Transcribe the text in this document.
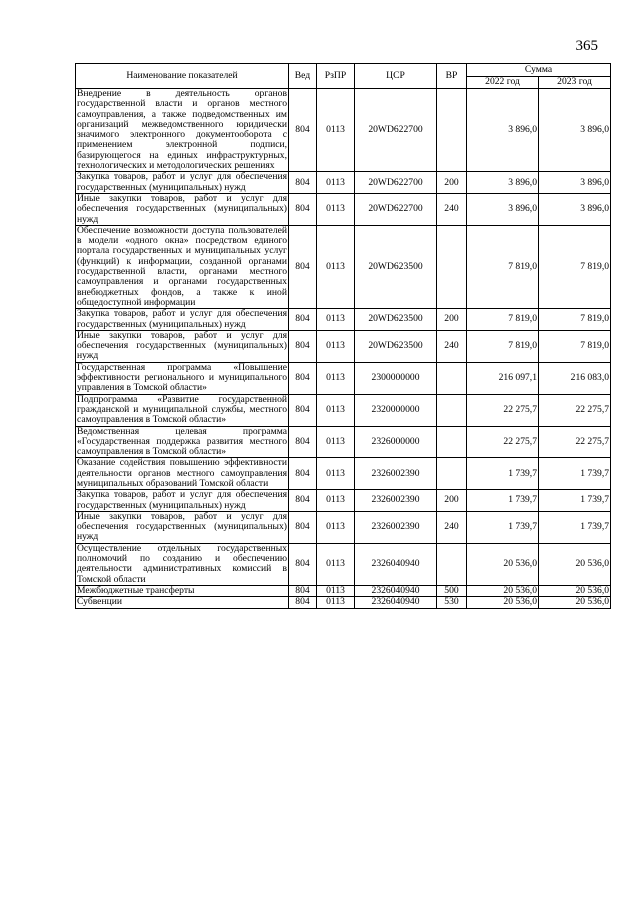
365
Наименование показателей	Вед	РзПР	ЦСР	ВР	Сумма	
					2022 год	2023 год
Внедрение в деятельность органов государственной власти и органов местного самоуправления, а также подведомственных им организаций межведомственного юридически значимого электронного документооборота с применением электронной подписи, базирующегося на единых инфраструктурных, технологических и методологических решениях	804	0113	20WD622700		3 896,0	3 896,0
Закупка товаров, работ и услуг для обеспечения государственных (муниципальных) нужд	804	0113	20WD622700	200	3 896,0	3 896,0
Иные закупки товаров, работ и услуг для обеспечения государственных (муниципальных) нужд	804	0113	20WD622700	240	3 896,0	3 896,0
Обеспечение возможности доступа пользователей в модели «одного окна» посредством единого портала государственных и муниципальных услуг (функций) к информации, созданной органами государственной власти, органами местного самоуправления и органами государственных внебюджетных фондов, а также к иной общедоступной информации	804	0113	20WD623500		7 819,0	7 819,0
Закупка товаров, работ и услуг для обеспечения государственных (муниципальных) нужд	804	0113	20WD623500	200	7 819,0	7 819,0
Иные закупки товаров, работ и услуг для обеспечения государственных (муниципальных) нужд	804	0113	20WD623500	240	7 819,0	7 819,0
Государственная программа «Повышение эффективности регионального и муниципального управления в Томской области»	804	0113	2300000000		216 097,1	216 083,0
Подпрограмма «Развитие государственной гражданской и муниципальной службы, местного самоуправления в Томской области»	804	0113	2320000000		22 275,7	22 275,7
Ведомственная целевая программа «Государственная поддержка развития местного самоуправления в Томской области»	804	0113	2326000000		22 275,7	22 275,7
Оказание содействия повышению эффективности деятельности органов местного самоуправления муниципальных образований Томской области	804	0113	2326002390		1 739,7	1 739,7
Закупка товаров, работ и услуг для обеспечения государственных (муниципальных) нужд	804	0113	2326002390	200	1 739,7	1 739,7
Иные закупки товаров, работ и услуг для обеспечения государственных (муниципальных) нужд	804	0113	2326002390	240	1 739,7	1 739,7
Осуществление отдельных государственных полномочий по созданию и обеспечению деятельности административных комиссий в Томской области	804	0113	2326040940		20 536,0	20 536,0
Межбюджетные трансферты	804	0113	2326040940	500	20 536,0	20 536,0
Субвенции	804	0113	2326040940	530	20 536,0	20 536,0
